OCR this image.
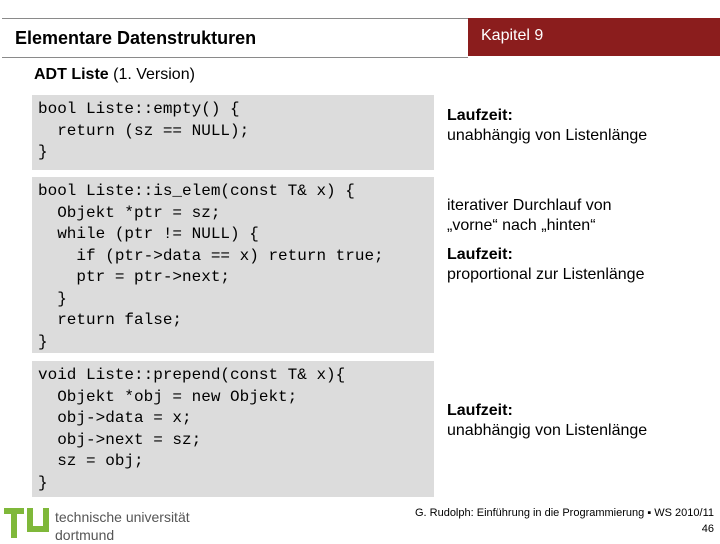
Elementare Datenstrukturen	Kapitel 9
ADT Liste (1. Version)
bool Liste::empty() {
return (sz == NULL);
}
bool Liste::is_elem(const T& x) {
Objekt *ptr = sz;
while (ptr != NULL) {
if (ptr->data == x) return true;
ptr = ptr->next;
}
return false;
}
void Liste::prepend(const T& x){
Objekt *obj = new Objekt;
obj->data = x;
obj->next = sz;
sz = obj;
}
Laufzeit:
unabhängig von Listenlänge
iterativer Durchlauf von
„vorne“ nach „hinten“
Laufzeit:
proportional zur Listenlänge
Laufzeit:
unabhängig von Listenlänge
technische universität
dortmund
G. Rudolph: Einführung in die Programmierung ▪ WS 2010/11
46
